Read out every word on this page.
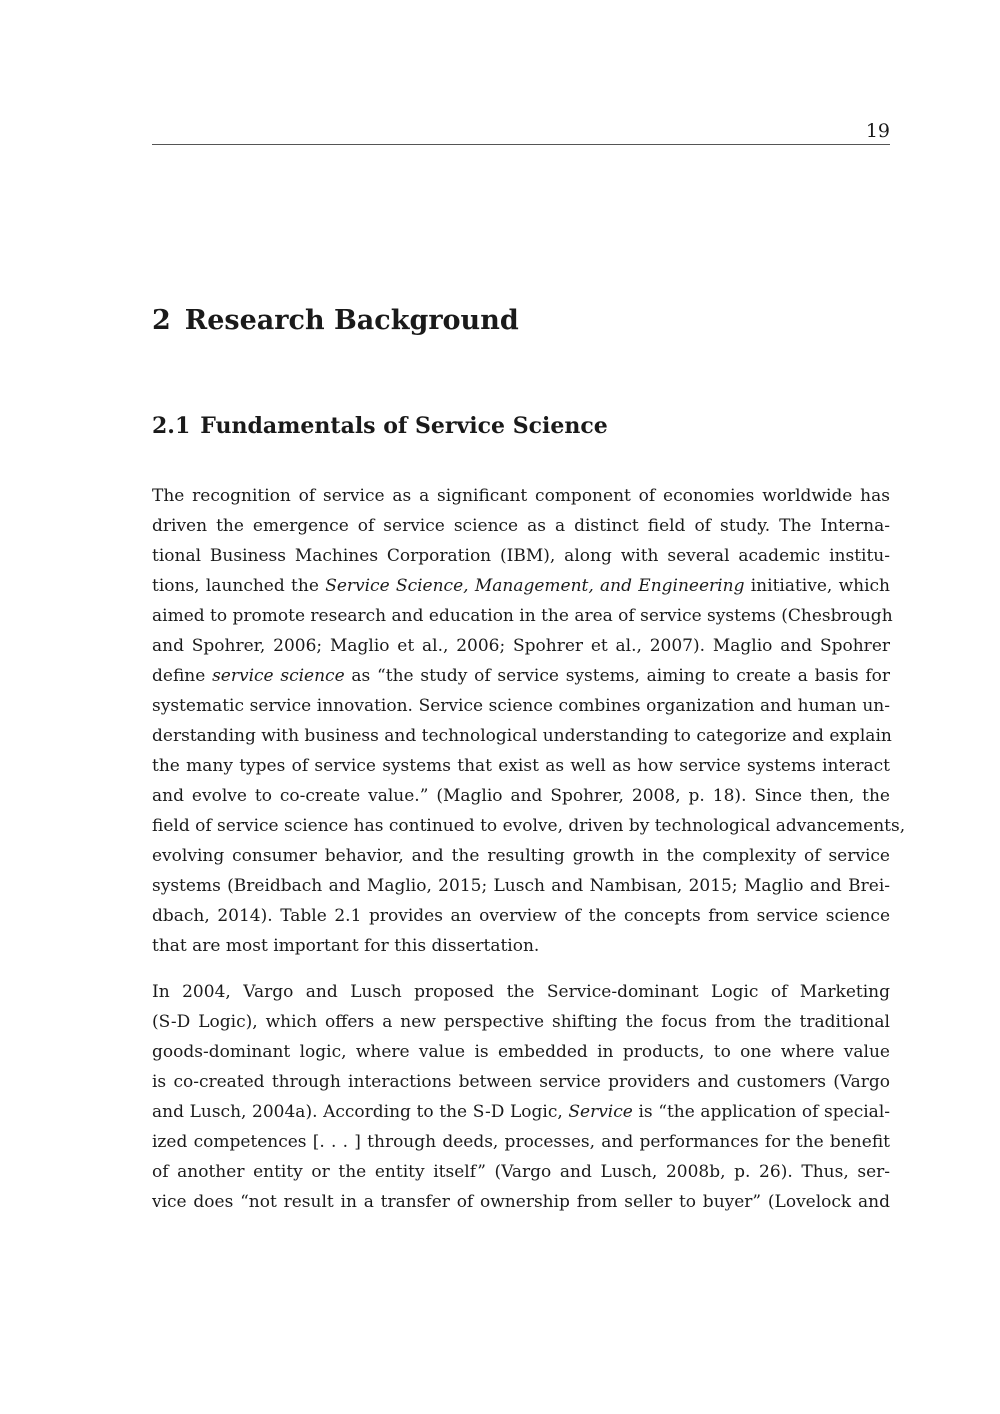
19
2 Research Background
2.1 Fundamentals of Service Science

The recognition of service as a significant component of economies worldwide has
driven the emergence of service science as a distinct field of study. The Interna-
tional Business Machines Corporation (IBM), along with several academic institu-
tions, launched the Service Science, Management, and Engineering initiative, which
aimed to promote research and education in the area of service systems (Chesbrough
and Spohrer, 2006; Maglio et al., 2006; Spohrer et al., 2007). Maglio and Spohrer
define service science as “the study of service systems, aiming to create a basis for
systematic service innovation. Service science combines organization and human un-
derstanding with business and technological understanding to categorize and explain
the many types of service systems that exist as well as how service systems interact
and evolve to co-create value.” (Maglio and Spohrer, 2008, p. 18). Since then, the
field of service science has continued to evolve, driven by technological advancements,
evolving consumer behavior, and the resulting growth in the complexity of service
systems (Breidbach and Maglio, 2015; Lusch and Nambisan, 2015; Maglio and Brei-
dbach, 2014). Table 2.1 provides an overview of the concepts from service science
that are most important for this dissertation.

In 2004, Vargo and Lusch proposed the Service-dominant Logic of Marketing
(S-D Logic), which offers a new perspective shifting the focus from the traditional
goods-dominant logic, where value is embedded in products, to one where value
is co-created through interactions between service providers and customers (Vargo
and Lusch, 2004a). According to the S-D Logic, Service is “the application of special-
ized competences [. . . ] through deeds, processes, and performances for the benefit
of another entity or the entity itself” (Vargo and Lusch, 2008b, p. 26). Thus, ser-
vice does “not result in a transfer of ownership from seller to buyer” (Lovelock and
